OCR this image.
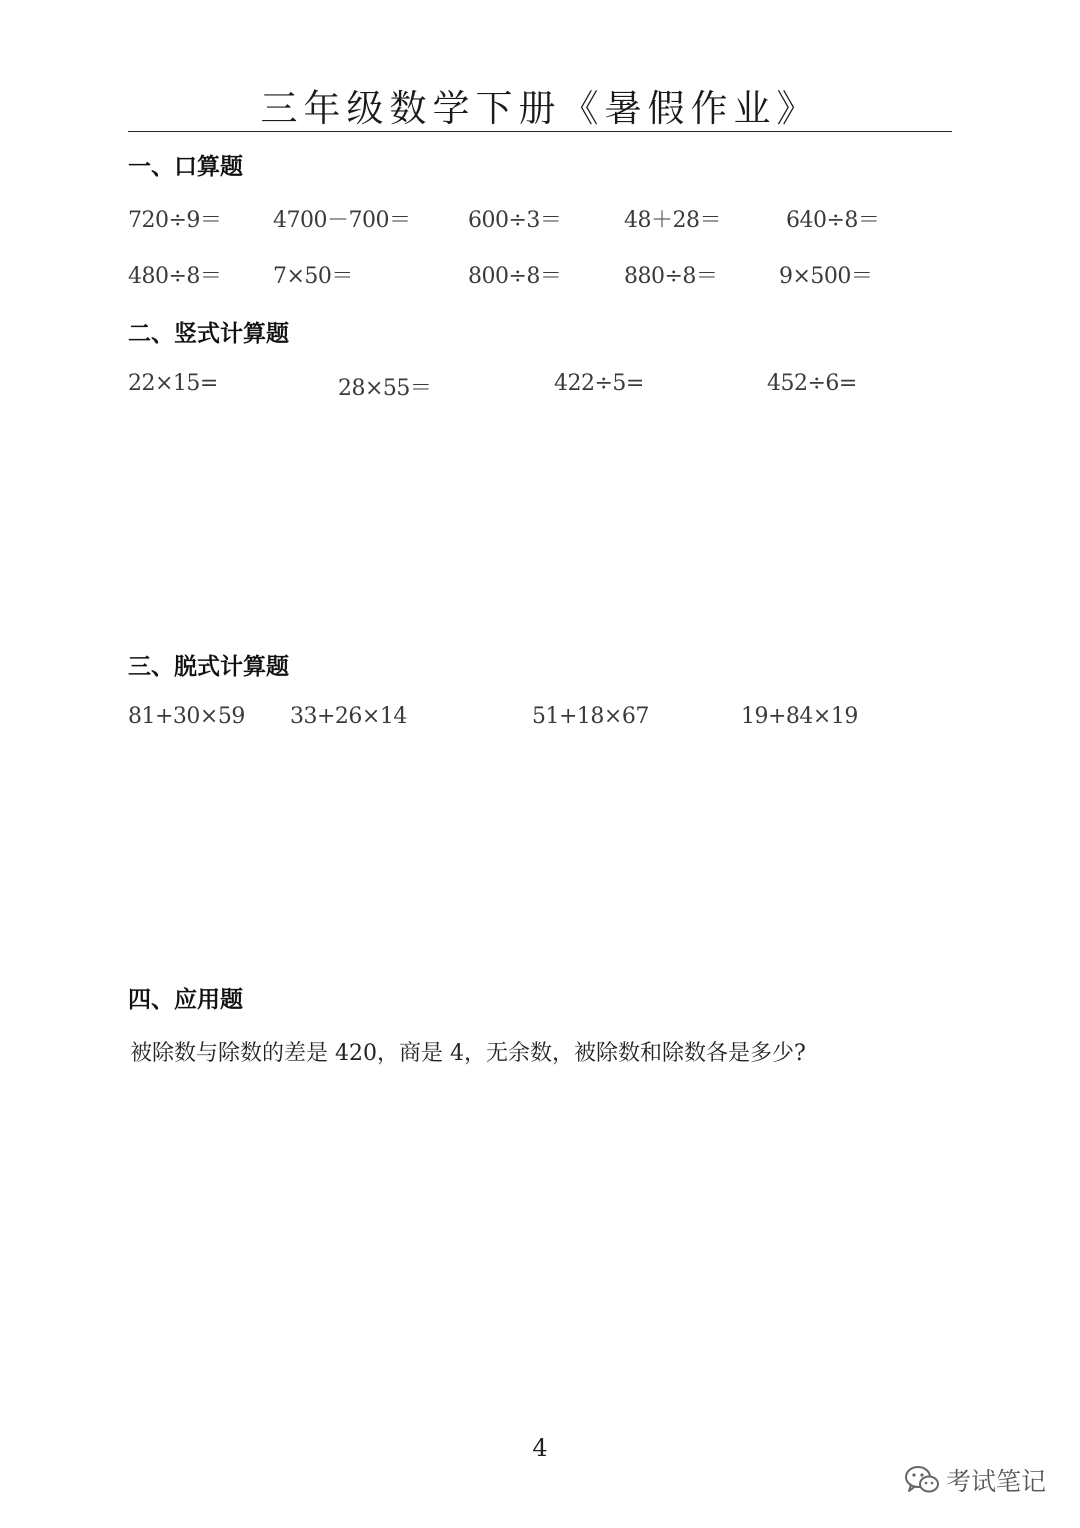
三年级数学下册《暑假作业》
一、口算题
720÷9＝ 4700－700＝	600÷3＝	48＋28＝	640÷8＝
480÷8＝ 7×50＝	800÷8＝	880÷8＝	9×500＝
二、竖式计算题
22×15=	28×55＝	422÷5=	452÷6=
三、脱式计算题
81+30×59 33+26×14	51+18×67	19+84×19
四、应用题
被除数与除数的差是 420，商是 4，无余数，被除数和除数各是多少?
4
考试笔记
